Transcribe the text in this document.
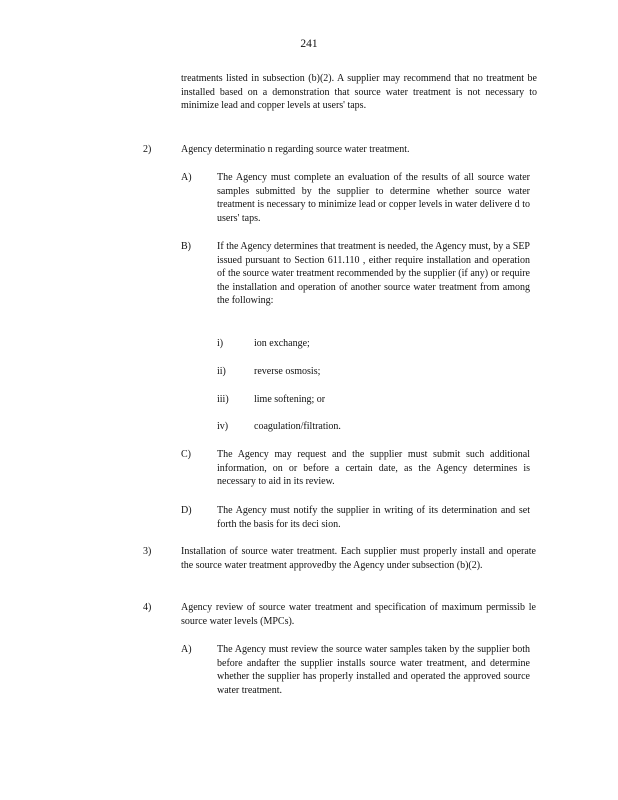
241
treatments listed in subsection (b)(2). A supplier may recommend that no treatment be installed based on a demonstration that source water treatment is not necessary to minimize lead and copper levels at users' taps.
2)	Agency determinatio n regarding source water treatment.
A)	The Agency must complete an evaluation of the results of all source water samples submitted by the supplier to determine whether source water treatment is necessary to minimize lead or copper levels in water delivere d to users' taps.
B)	If the Agency determines that treatment is needed, the Agency must, by a SEP issued pursuant to Section 611.110 , either require installation and operation of the source water treatment recommended by the supplier (if any) or require the installation and operation of another source water treatment from among the following:
i)	ion exchange;
ii)	reverse osmosis;
iii)	lime softening; or
iv)	coagulation/filtration.
C)	The Agency may request and the supplier must submit such additional information, on or before a certain date, as the Agency determines is necessary to aid in its review.
D)	The Agency must notify the supplier in writing of its determination and set forth the basis for its deci sion.
3)	Installation of source water treatment. Each supplier must properly install and operate the source water treatment approvedby the Agency under subsection (b)(2).
4)	Agency review of source water treatment and specification of maximum permissib le source water levels (MPCs).
A)	The Agency must review the source water samples taken by the supplier both before andafter the supplier installs source water treatment, and determine whether the supplier has properly installed and operated the approved source water treatment.
